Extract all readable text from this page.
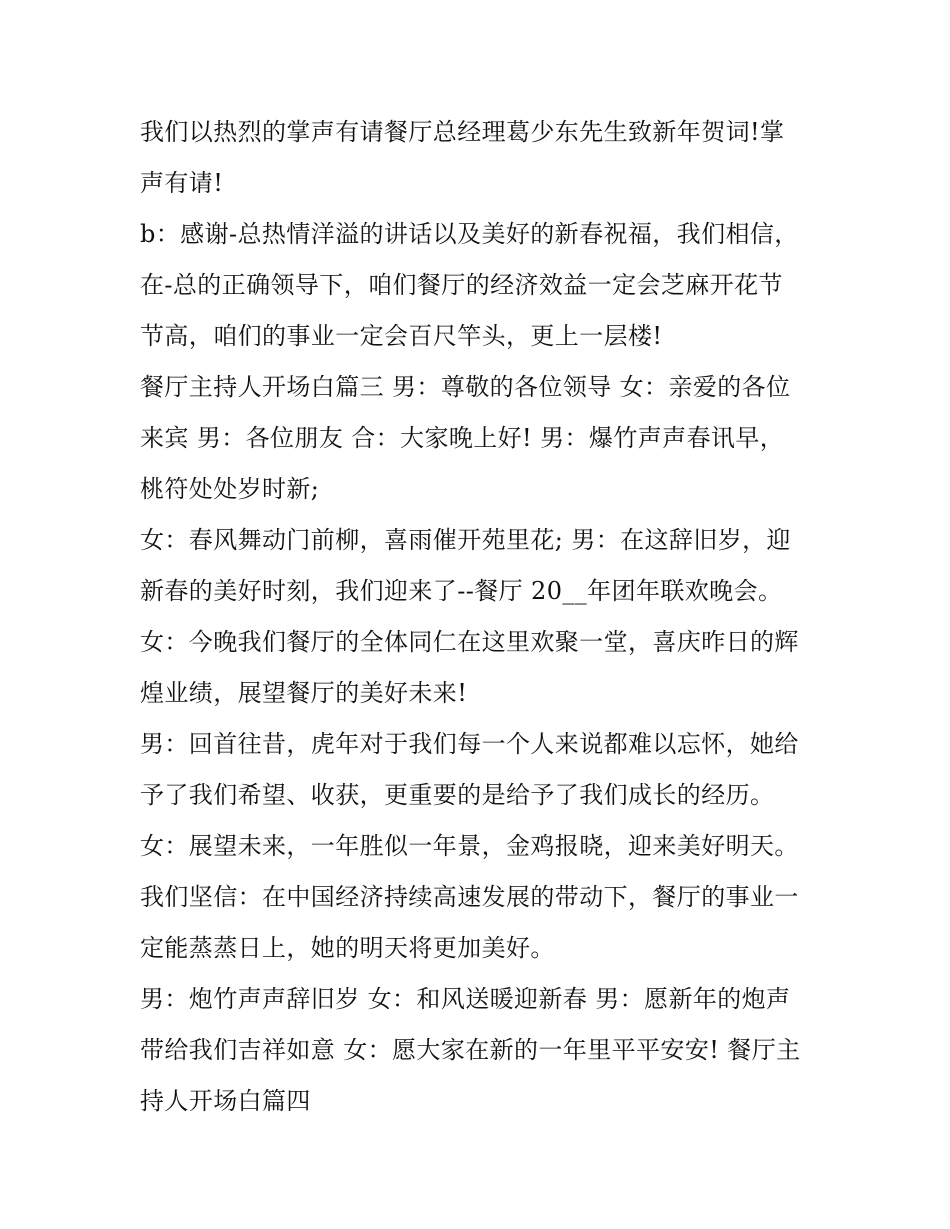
我们以热烈的掌声有请餐厅总经理葛少东先生致新年贺词!掌
声有请!
b：感谢-总热情洋溢的讲话以及美好的新春祝福，我们相信，
在-总的正确领导下，咱们餐厅的经济效益一定会芝麻开花节
节高，咱们的事业一定会百尺竿头，更上一层楼!
餐厅主持人开场白篇三 男：尊敬的各位领导 女：亲爱的各位
来宾 男：各位朋友 合：大家晚上好! 男：爆竹声声春讯早，
桃符处处岁时新;
女：春风舞动门前柳，喜雨催开苑里花; 男：在这辞旧岁，迎
新春的美好时刻，我们迎来了--餐厅 20__年团年联欢晚会。
女：今晚我们餐厅的全体同仁在这里欢聚一堂，喜庆昨日的辉
煌业绩，展望餐厅的美好未来!
男：回首往昔，虎年对于我们每一个人来说都难以忘怀，她给
予了我们希望、收获，更重要的是给予了我们成长的经历。
女：展望未来，一年胜似一年景，金鸡报晓，迎来美好明天。
我们坚信：在中国经济持续高速发展的带动下，餐厅的事业一
定能蒸蒸日上，她的明天将更加美好。
男：炮竹声声辞旧岁 女：和风送暖迎新春 男：愿新年的炮声
带给我们吉祥如意 女：愿大家在新的一年里平平安安! 餐厅主
持人开场白篇四
